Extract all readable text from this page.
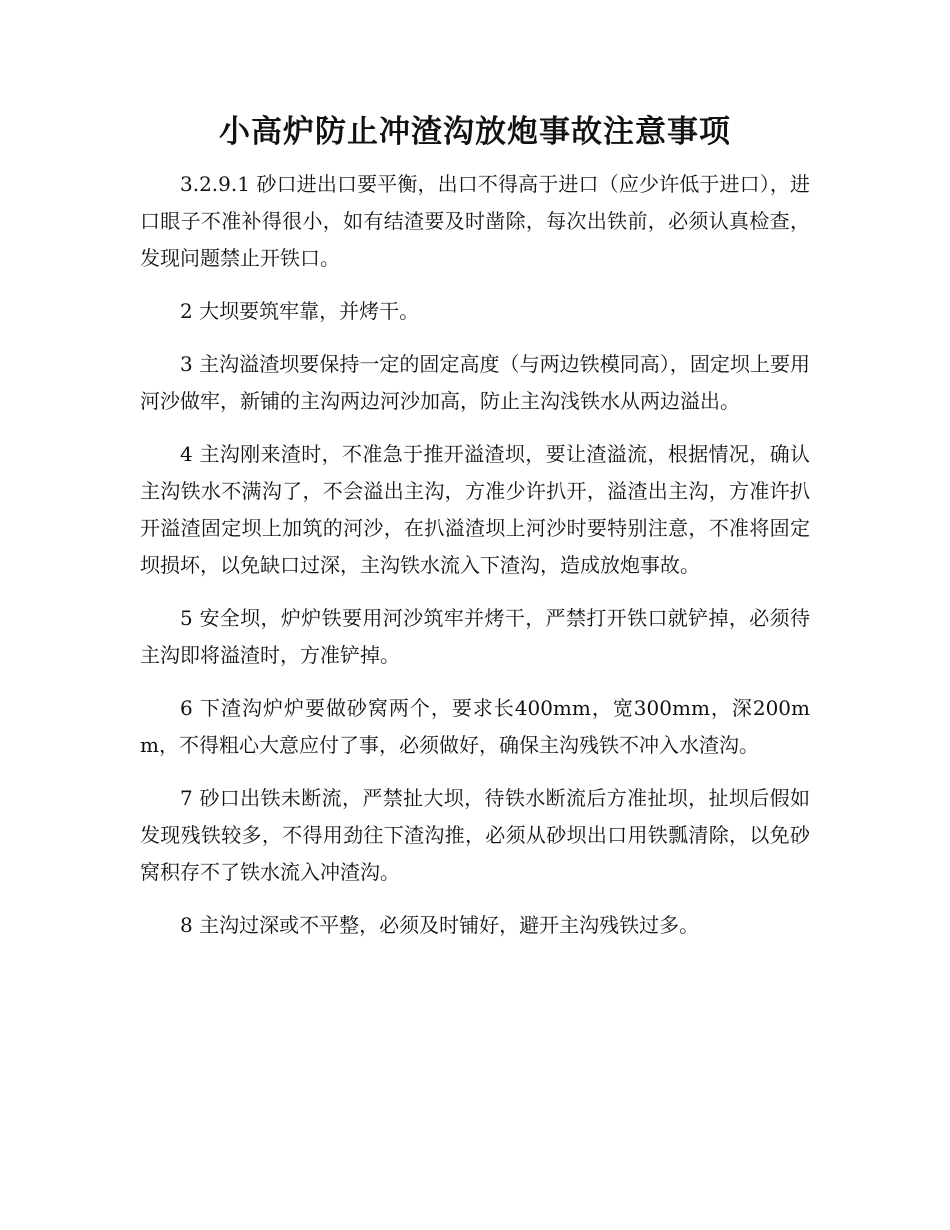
小高炉防止冲渣沟放炮事故注意事项

3.2.9.1 砂口进出口要平衡，出口不得高于进口（应少许低于进口），进口眼子不准补得很小，如有结渣要及时凿除，每次出铁前，必须认真检查，发现问题禁止开铁口。

2 大坝要筑牢靠，并烤干。

3 主沟溢渣坝要保持一定的固定高度（与两边铁模同高），固定坝上要用河沙做牢，新铺的主沟两边河沙加高，防止主沟浅铁水从两边溢出。

4 主沟刚来渣时，不准急于推开溢渣坝，要让渣溢流，根据情况，确认主沟铁水不满沟了，不会溢出主沟，方准少许扒开，溢渣出主沟，方准许扒开溢渣固定坝上加筑的河沙，在扒溢渣坝上河沙时要特别注意，不准将固定坝损坏，以免缺口过深，主沟铁水流入下渣沟，造成放炮事故。

5 安全坝，炉炉铁要用河沙筑牢并烤干，严禁打开铁口就铲掉，必须待主沟即将溢渣时，方准铲掉。

6 下渣沟炉炉要做砂窝两个，要求长400mm，宽300mm，深200mm，不得粗心大意应付了事，必须做好，确保主沟残铁不冲入水渣沟。

7 砂口出铁未断流，严禁扯大坝，待铁水断流后方准扯坝，扯坝后假如发现残铁较多，不得用劲往下渣沟推，必须从砂坝出口用铁瓢清除，以免砂窝积存不了铁水流入冲渣沟。

8 主沟过深或不平整，必须及时铺好，避开主沟残铁过多。
